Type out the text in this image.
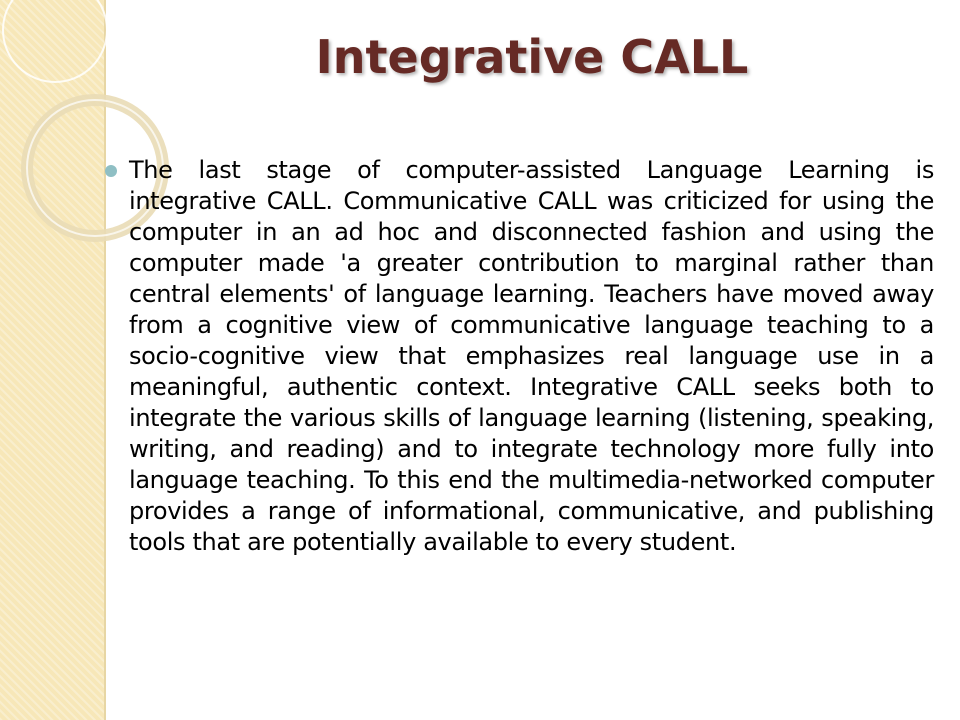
Integrative CALL
The last stage of computer-assisted Language Learning is integrative CALL. Communicative CALL was criticized for using the computer in an ad hoc and disconnected fashion and using the computer made 'a greater contribution to marginal rather than central elements' of language learning. Teachers have moved away from a cognitive view of communicative language teaching to a socio-cognitive view that emphasizes real language use in a meaningful, authentic context. Integrative CALL seeks both to integrate the various skills of language learning (listening, speaking, writing, and reading) and to integrate technology more fully into language teaching. To this end the multimedia-networked computer provides a range of informational, communicative, and publishing tools that are potentially available to every student.
